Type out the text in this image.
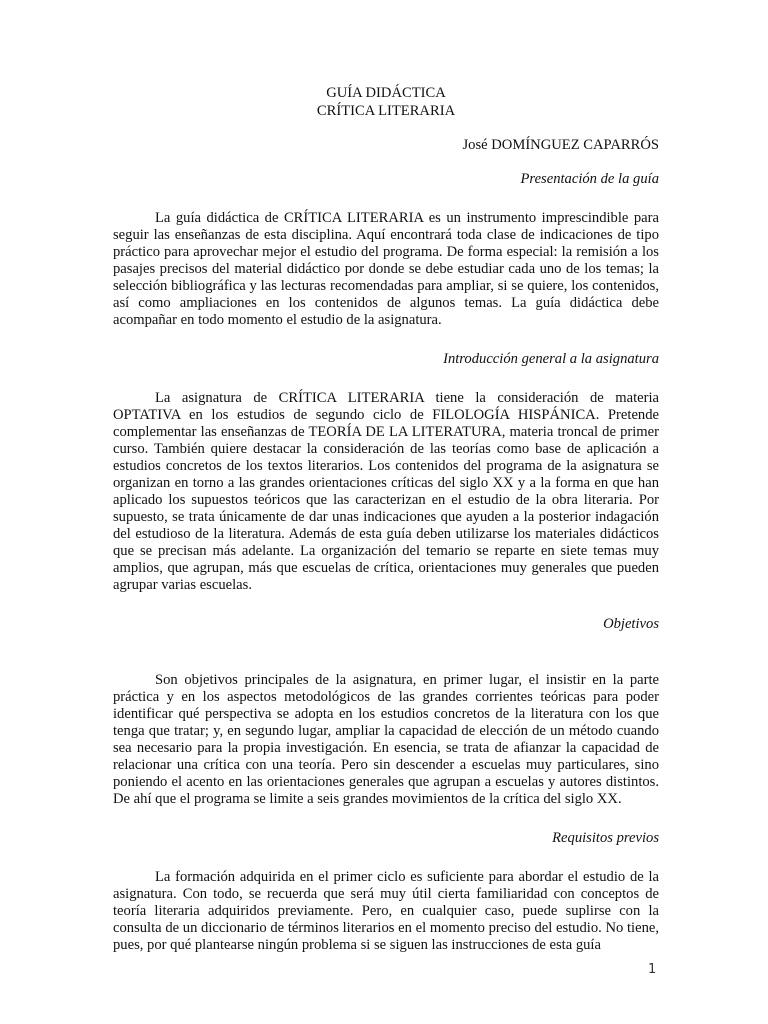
GUÍA DIDÁCTICA
CRÍTICA LITERARIA

José DOMÍNGUEZ CAPARRÓS

Presentación de la guía

La guía didáctica de CRÍTICA LITERARIA es un instrumento imprescindible para seguir las enseñanzas de esta disciplina. Aquí encontrará toda clase de indicaciones de tipo práctico para aprovechar mejor el estudio del programa. De forma especial: la remisión a los pasajes precisos del material didáctico por donde se debe estudiar cada uno de los temas; la selección bibliográfica y las lecturas recomendadas para ampliar, si se quiere, los contenidos, así como ampliaciones en los contenidos de algunos temas. La guía didáctica debe acompañar en todo momento el estudio de la asignatura.

Introducción general a la asignatura

La asignatura de CRÍTICA LITERARIA tiene la consideración de materia OPTATIVA en los estudios de segundo ciclo de FILOLOGÍA HISPÁNICA. Pretende complementar las enseñanzas de TEORÍA DE LA LITERATURA, materia troncal de primer curso. También quiere destacar la consideración de las teorías como base de aplicación a estudios concretos de los textos literarios. Los contenidos del programa de la asignatura se organizan en torno a las grandes orientaciones críticas del siglo XX y a la forma en que han aplicado los supuestos teóricos que las caracterizan en el estudio de la obra literaria. Por supuesto, se trata únicamente de dar unas indicaciones que ayuden a la posterior indagación del estudioso de la literatura. Además de esta guía deben utilizarse los materiales didácticos que se precisan más adelante. La organización del temario se reparte en siete temas muy amplios, que agrupan, más que escuelas de crítica, orientaciones muy generales que pueden agrupar varias escuelas.

Objetivos

Son objetivos principales de la asignatura, en primer lugar, el insistir en la parte práctica y en los aspectos metodológicos de las grandes corrientes teóricas para poder identificar qué perspectiva se adopta en los estudios concretos de la literatura con los que tenga que tratar; y, en segundo lugar, ampliar la capacidad de elección de un método cuando sea necesario para la propia investigación. En esencia, se trata de afianzar la capacidad de relacionar una crítica con una teoría. Pero sin descender a escuelas muy particulares, sino poniendo el acento en las orientaciones generales que agrupan a escuelas y autores distintos. De ahí que el programa se limite a seis grandes movimientos de la crítica del siglo XX.

Requisitos previos

La formación adquirida en el primer ciclo es suficiente para abordar el estudio de la asignatura. Con todo, se recuerda que será muy útil cierta familiaridad con conceptos de teoría literaria adquiridos previamente. Pero, en cualquier caso, puede suplirse con la consulta de un diccionario de términos literarios en el momento preciso del estudio. No tiene, pues, por qué plantearse ningún problema si se siguen las instrucciones de esta guía

1
